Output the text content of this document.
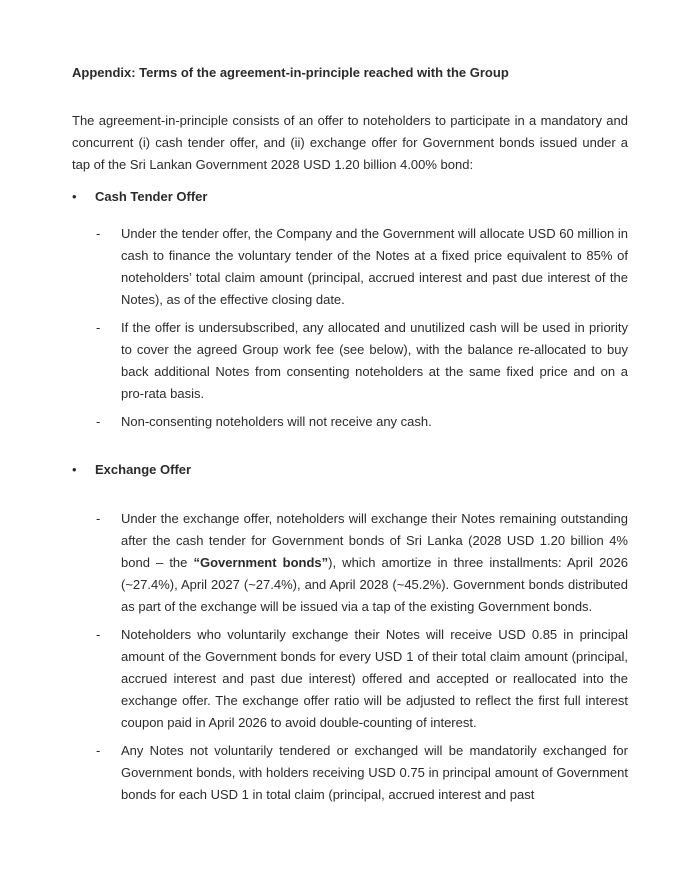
Appendix: Terms of the agreement-in-principle reached with the Group

The agreement-in-principle consists of an offer to noteholders to participate in a mandatory and concurrent (i) cash tender offer, and (ii) exchange offer for Government bonds issued under a tap of the Sri Lankan Government 2028 USD 1.20 billion 4.00% bond:

•	Cash Tender Offer
-	Under the tender offer, the Company and the Government will allocate USD 60 million in cash to finance the voluntary tender of the Notes at a fixed price equivalent to 85% of noteholders’ total claim amount (principal, accrued interest and past due interest of the Notes), as of the effective closing date.
-	If the offer is undersubscribed, any allocated and unutilized cash will be used in priority to cover the agreed Group work fee (see below), with the balance re-allocated to buy back additional Notes from consenting noteholders at the same fixed price and on a pro-rata basis.
-	Non-consenting noteholders will not receive any cash.
•	Exchange Offer
-	Under the exchange offer, noteholders will exchange their Notes remaining outstanding after the cash tender for Government bonds of Sri Lanka (2028 USD 1.20 billion 4% bond – the “Government bonds”), which amortize in three installments: April 2026 (~27.4%), April 2027 (~27.4%), and April 2028 (~45.2%). Government bonds distributed as part of the exchange will be issued via a tap of the existing Government bonds.
-	Noteholders who voluntarily exchange their Notes will receive USD 0.85 in principal amount of the Government bonds for every USD 1 of their total claim amount (principal, accrued interest and past due interest) offered and accepted or reallocated into the exchange offer. The exchange offer ratio will be adjusted to reflect the first full interest coupon paid in April 2026 to avoid double-counting of interest.
-	Any Notes not voluntarily tendered or exchanged will be mandatorily exchanged for Government bonds, with holders receiving USD 0.75 in principal amount of Government bonds for each USD 1 in total claim (principal, accrued interest and past
